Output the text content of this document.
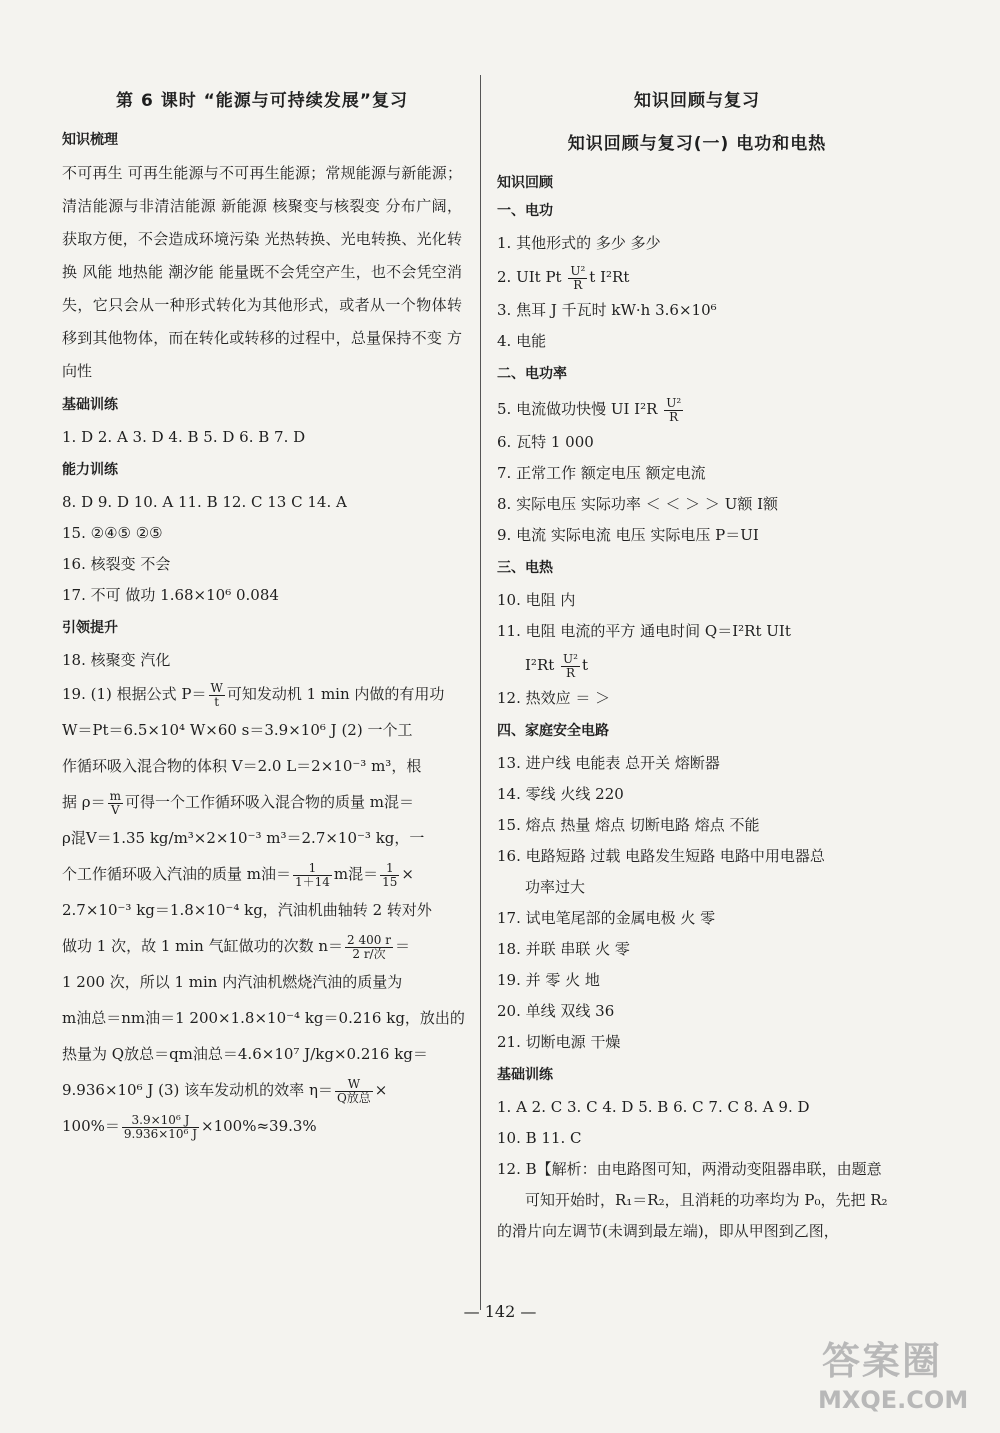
第 6 课时 “能源与可持续发展”复习
知识梳理
不可再生 可再生能源与不可再生能源；常规能源与新能源；清洁能源与非清洁能源 新能源 核聚变与核裂变 分布广阔，获取方便，不会造成环境污染 光热转换、光电转换、光化转换 风能 地热能 潮汐能 能量既不会凭空产生，也不会凭空消失，它只会从一种形式转化为其他形式，或者从一个物体转移到其他物体，而在转化或转移的过程中，总量保持不变 方向性
基础训练
1. D 2. A 3. D 4. B 5. D 6. B 7. D
能力训练
8. D 9. D 10. A 11. B 12. C 13 C 14. A
15. ②④⑤ ②⑤
16. 核裂变 不会
17. 不可 做功 1.68×10⁶ 0.084
引领提升
18. 核聚变 汽化
19. (1) 根据公式 $P= \frac{W}{t}$ 可知发动机 1 min 内做的有用功
W＝Pt＝6.5×10⁴ W×60 s＝3.9×10⁶ J (2) 一个工
作循环吸入混合物的体积 V＝2.0 L＝2×10⁻³ m³，根
据 $\rho= \frac{m}{V}$ 可得一个工作循环吸入混合物的质量 m混＝
ρ混V＝1.35 kg/m³×2×10⁻³ m³＝2.7×10⁻³ kg，一
个工作循环吸入汽油的质量 m油＝ $\frac{1}{1+14}$ m混＝ $\frac{1}{15}$ ×
2.7×10⁻³ kg＝1.8×10⁻⁴ kg，汽油机曲轴转 2 转对外
做功 1 次，故 1 min 气缸做功的次数 $n= \frac{2 400 r}{\text{2 r/次}}$ ＝
1 200 次，所以 1 min 内汽油机燃烧汽油的质量为
m油总＝nm油＝1 200×1.8×10⁻⁴ kg＝0.216 kg，放出的
热量为 Q放总＝qm油总＝4.6×10⁷ J/kg×0.216 kg＝
9.936×10⁶ J (3) 该车发动机的效率 $\eta= \frac{W}{\text{Q放总}}$ ×
$100\%= \frac{\text{3.9×10⁶ J}}{\text{9.936×10⁶ J}} \times 100\%\approx 39.3\%$
知识回顾与复习
知识回顾与复习(一) 电功和电热
知识回顾
一、电功
1. 其他形式的 多少 多少
2. UIt Pt $\frac{\text{U²}}{R}$ t I²Rt
3. 焦耳 J 千瓦时 kW·h 3.6×10⁶
4. 电能
二、电功率
5. 电流做功快慢 UI $I^2R \frac{\text{U²}}{R}$
6. 瓦特 1 000
7. 正常工作 额定电压 额定电流
8. 实际电压 实际功率 ＜ ＜ ＞ ＞ U额 I额
9. 电流 实际电流 电压 实际电压 P＝UI
三、电热
10. 电阻 内
11. 电阻 电流的平方 通电时间 Q＝I²Rt UIt
$I^2Rt \frac{\text{U²}}{R}$ t
12. 热效应 ＝ ＞
四、家庭安全电路
13. 进户线 电能表 总开关 熔断器
14. 零线 火线 220
15. 熔点 热量 熔点 切断电路 熔点 不能
16. 电路短路 过载 电路发生短路 电路中用电器总
功率过大
17. 试电笔尾部的金属电极 火 零
18. 并联 串联 火 零
19. 并 零 火 地
20. 单线 双线 36
21. 切断电源 干燥
基础训练
1. A 2. C 3. C 4. D 5. B 6. C 7. C 8. A 9. D
10. B 11. C
12. B【解析：由电路图可知，两滑动变阻器串联，由题意
可知开始时，R₁＝R₂，且消耗的功率均为 P₀，先把 R₂
的滑片向左调节(未调到最左端)，即从甲图到乙图，
— 142 —
答案圈
MXQE.COM
